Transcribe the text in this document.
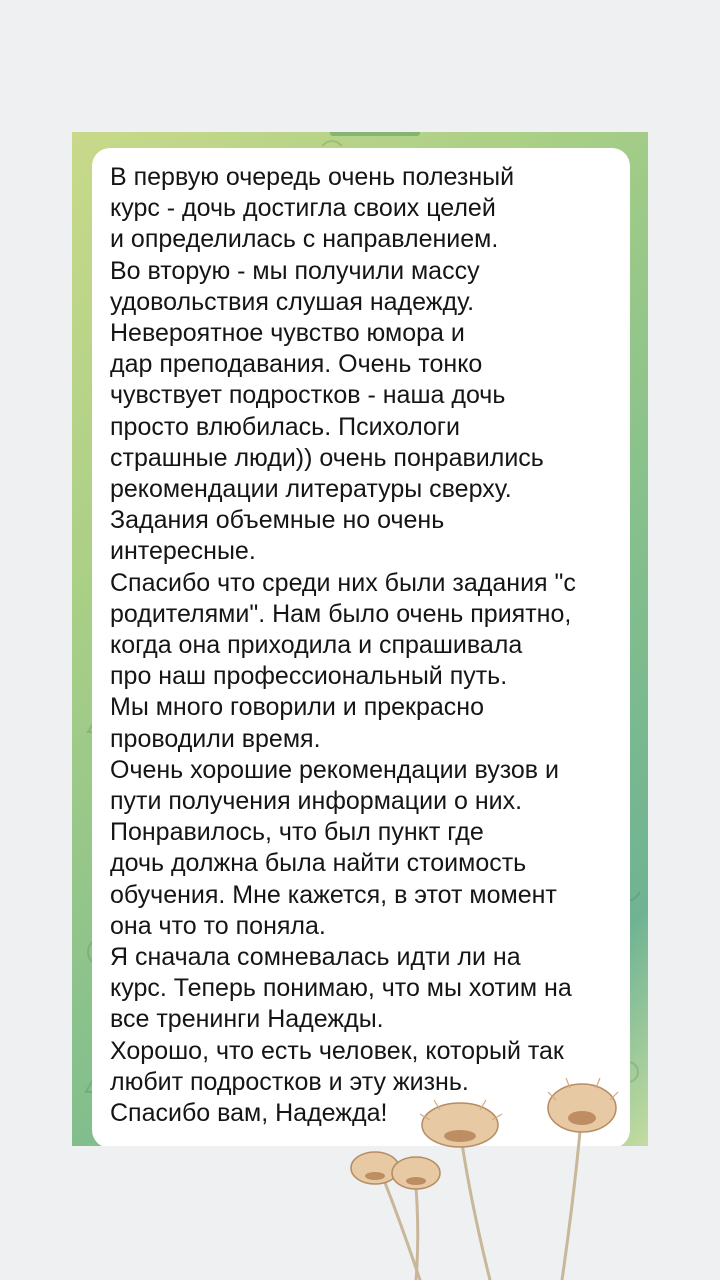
В первую очередь очень полезный
курс - дочь достигла своих целей
и определилась с направлением.
Во вторую - мы получили массу
удовольствия слушая надежду.
Невероятное чувство юмора и
дар преподавания. Очень тонко
чувствует подростков - наша дочь
просто влюбилась. Психологи
страшные люди)) очень понравились
рекомендации литературы сверху.
Задания объемные но очень
интересные.
Спасибо что среди них были задания "с
родителями". Нам было очень приятно,
когда она приходила и спрашивала
про наш профессиональный путь.
Мы много говорили и прекрасно
проводили время.
Очень хорошие рекомендации вузов и
пути получения информации о них.
Понравилось, что был пункт где
дочь должна была найти стоимость
обучения. Мне кажется, в этот момент
она что то поняла.
Я сначала сомневалась идти ли на
курс. Теперь понимаю, что мы хотим на
все тренинги Надежды.
Хорошо, что есть человек, который так
любит подростков и эту жизнь.
Спасибо вам, Надежда!
